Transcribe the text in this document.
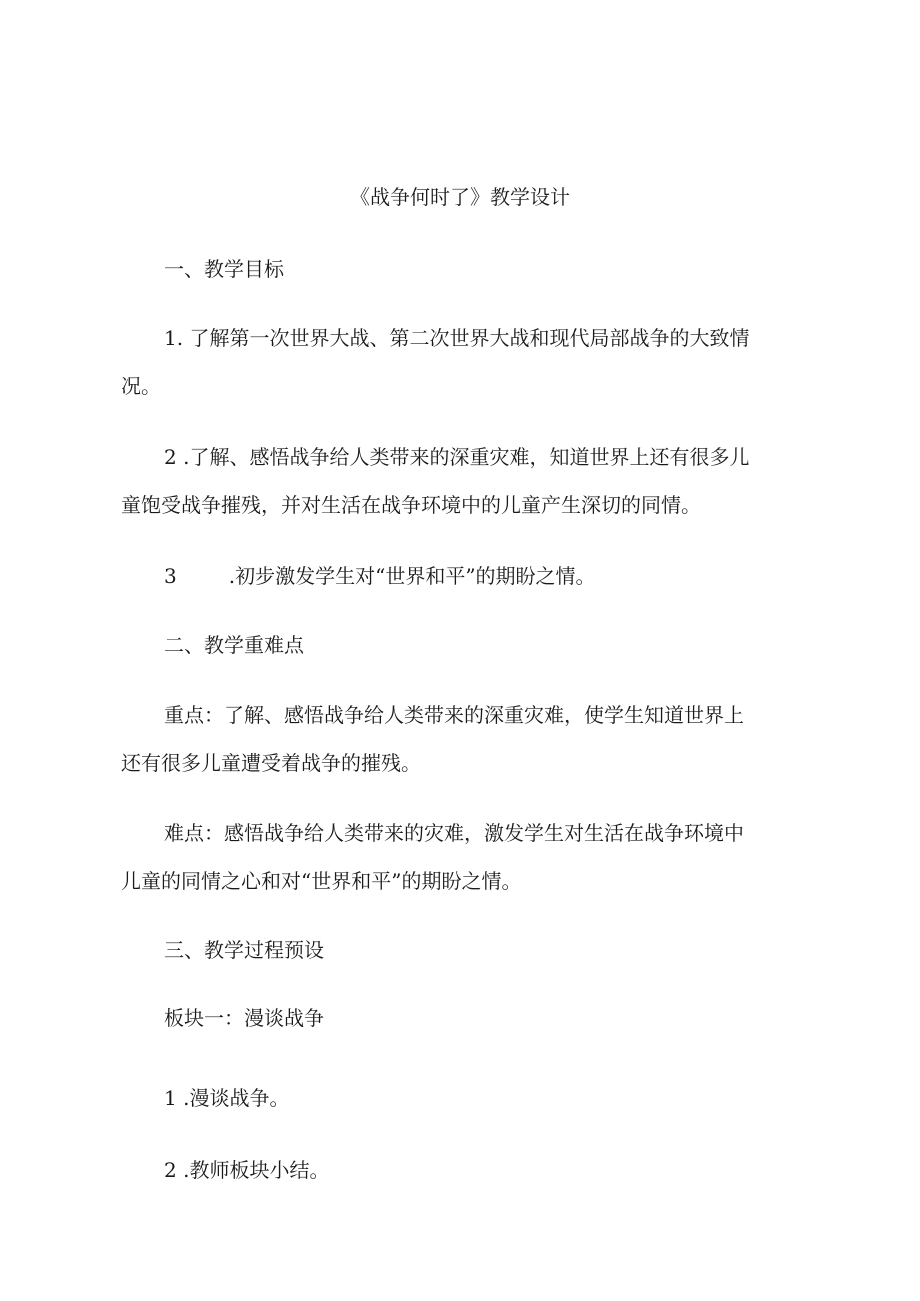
《战争何时了》教学设计
一、教学目标
1. 了解第一次世界大战、第二次世界大战和现代局部战争的大致情
况。
2 .了解、感悟战争给人类带来的深重灾难，知道世界上还有很多儿
童饱受战争摧残，并对生活在战争环境中的儿童产生深切的同情。
3	.初步激发学生对“世界和平”的期盼之情。
二、教学重难点
重点：了解、感悟战争给人类带来的深重灾难，使学生知道世界上
还有很多儿童遭受着战争的摧残。
难点：感悟战争给人类带来的灾难，激发学生对生活在战争环境中
儿童的同情之心和对“世界和平”的期盼之情。
三、教学过程预设
板块一：漫谈战争
1 .漫谈战争。
2 .教师板块小结。
